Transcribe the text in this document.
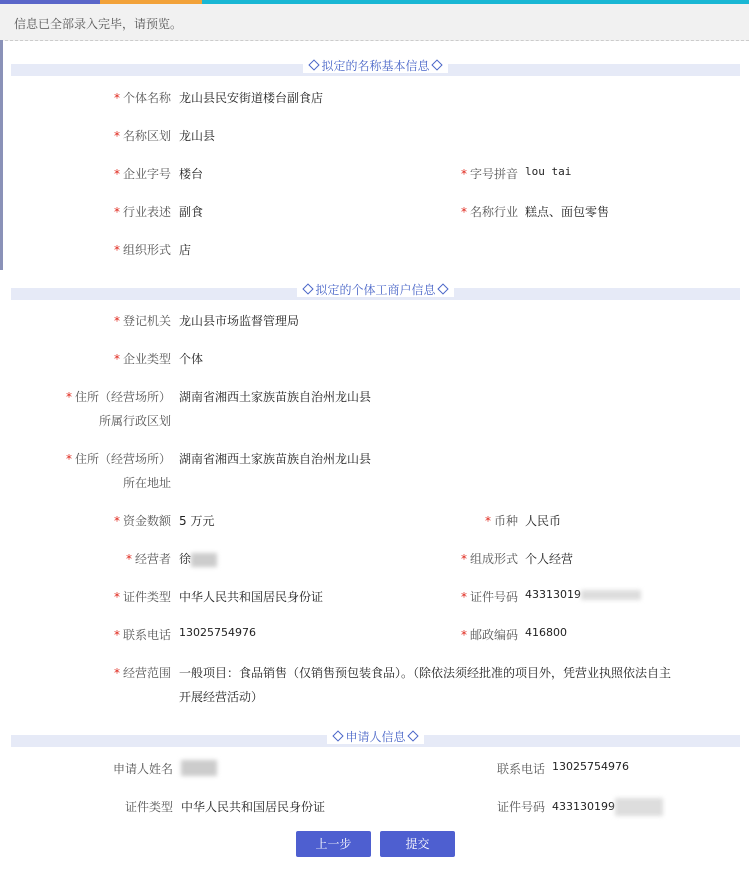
信息已全部录入完毕，请预览。
拟定的名称基本信息
* 个体名称 龙山县民安街道楼台副食店
* 名称区划 龙山县
* 企业字号 楼台	* 字号拼音 lou tai
* 行业表述 副食	* 名称行业 糕点、面包零售
* 组织形式 店
拟定的个体工商户信息
* 登记机关 龙山县市场监督管理局
* 企业类型 个体
* 住所（经营场所）
所属行政区划
湖南省湘西土家族苗族自治州龙山县
* 住所（经营场所）
所在地址
湖南省湘西土家族苗族自治州龙山县
* 资金数额 5 万元	* 币种 人民币
* 经营者 徐	* 组成形式 个人经营
* 证件类型 中华人民共和国居民身份证	* 证件号码 43313019
* 联系电话 13025754976	* 邮政编码 416800
* 经营范围 一般项目：食品销售（仅销售预包装食品）。（除依法须经批准的项目外，凭营业执照依法自主
开展经营活动）
申请人信息
申请人姓名	联系电话 13025754976
证件类型 中华人民共和国居民身份证	证件号码 433130199
上一步	提交
